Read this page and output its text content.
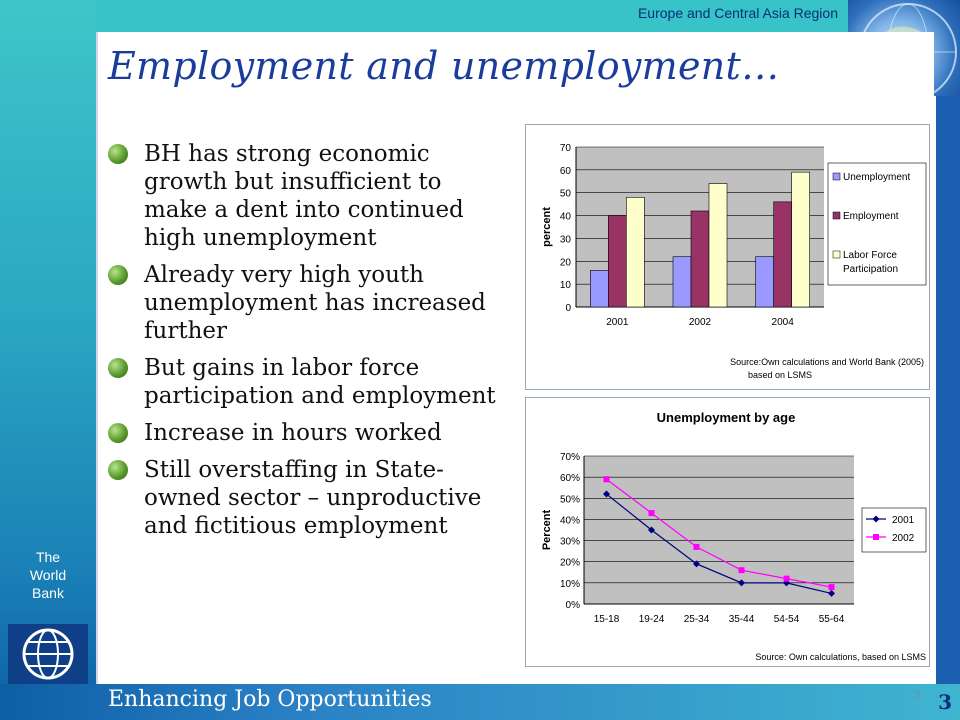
Europe and Central Asia Region
The
World
Bank
Employment and unemployment…
BH has strong economic growth but insufficient to make a dent into continued high unemployment
Already very high youth unemployment has increased further
But gains in labor force participation and employment
Increase in hours worked
Still overstaffing in State-owned sector – unproductive and fictitious employment
0
10
20
30
40
50
60
70
percent
2001	2002	2004
Unemployment
Employment
Labor Force
Participation
Source:Own calculations and World Bank (2005)
based on LSMS
Unemployment by age
0%
10%
20%
30%
40%
50%
60%
70%
Percent
15-18 19-24 25-34 35-44 54-54 55-64
2001
2002
Source: Own calculations, based on LSMS
Enhancing Job Opportunities	3 3
